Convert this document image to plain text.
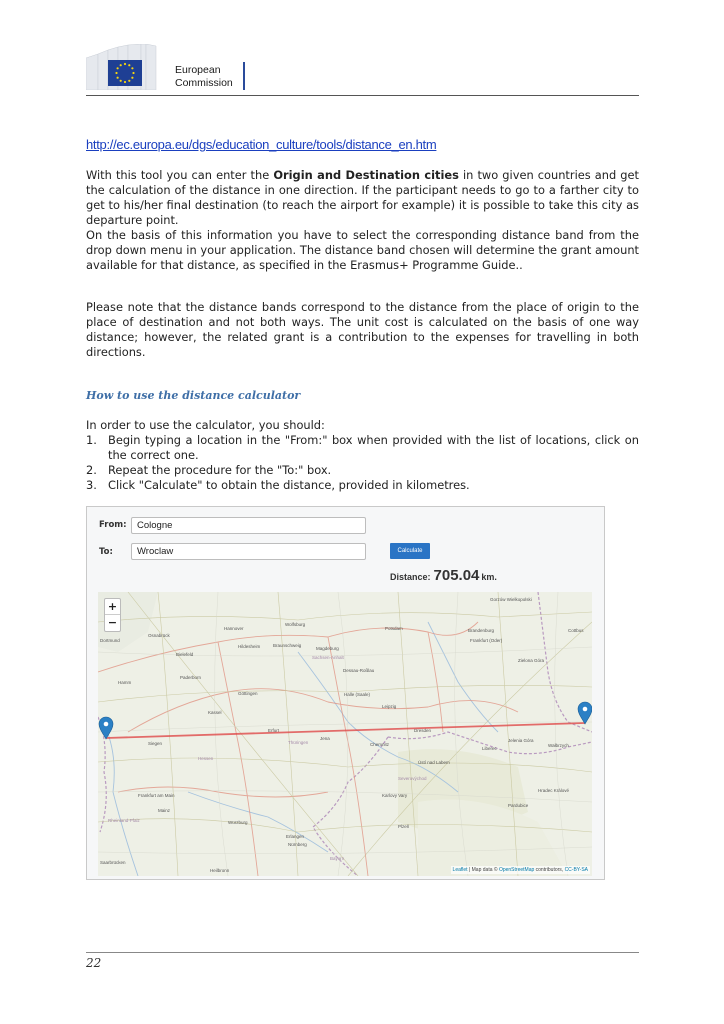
European
Commission
http://ec.europa.eu/dgs/education_culture/tools/distance_en.htm
With this tool you can enter the Origin and Destination cities in two given countries and get the calculation of the distance in one direction. If the participant needs to go to a farther city to get to his/her final destination (to reach the airport for example) it is possible to take this city as departure point.
On the basis of this information you have to select the corresponding distance band from the drop down menu in your application. The distance band chosen will determine the grant amount available for that distance, as specified in the Erasmus+ Programme Guide..
Please note that the distance bands correspond to the distance from the place of origin to the place of destination and not both ways. The unit cost is calculated on the basis of one way distance; however, the related grant is a contribution to the expenses for travelling in both directions.
How to use the distance calculator
In order to use the calculator, you should:
1. Begin typing a location in the "From:" box when provided with the list of locations, click on the correct one.
2. Repeat the procedure for the "To:" box.
3. Click "Calculate" to obtain the distance, provided in kilometres.
From:	Cologne
To:	Wroclaw	Calculate
Distance: 705.04 km.
Gorzów Wielkopolski
Brandenburg
Frankfurt (Oder)
Cottbus
Zielona Góra
Osnabrück
Hannover
Wolfsburg
Potsdam
Dortmund
Bielefeld
Hildesheim	Braunschweig
Magdeburg
Sachsen-Anhalt
Dessau-Roßlau
Hamm
Paderborn
Göttingen	Halle (Saale)
Leipzig
Kassel
Erfurt	Dresden
Chemnitz
Thüringen
Jena
Siegen
Hessen
Liberec
Ústí nad Labem
Jelenia Góra
Wałbrzych
Severovýchod
Frankfurt am Main
Mainz
Karlovy Vary
Rheinland-Pfalz	Würzburg
Erlangen
Nürnberg
Plzeň
Pardubice
Hradec Králové
Saarbrücken
Heilbronn
Bayern
+
−
Leaflet | Map data © OpenStreetMap contributors, CC-BY-SA
22
